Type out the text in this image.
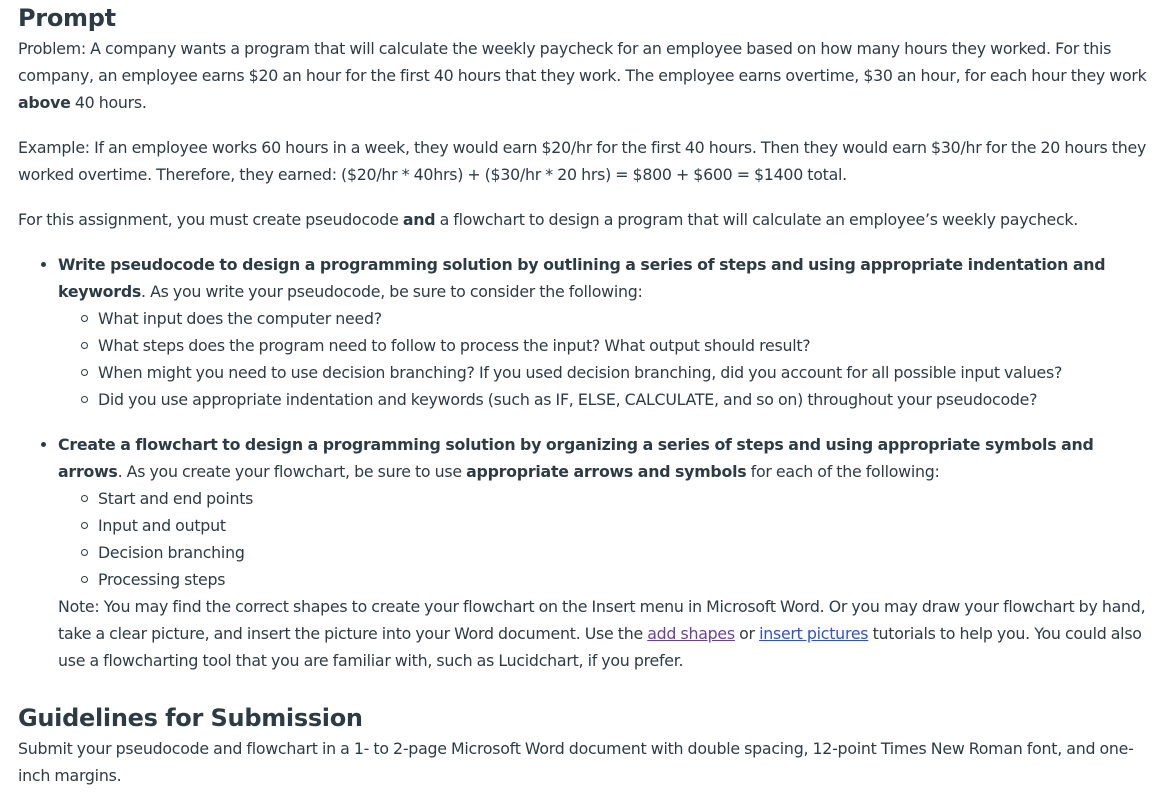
Prompt

Problem: A company wants a program that will calculate the weekly paycheck for an employee based on how many hours they worked. For this company, an employee earns $20 an hour for the first 40 hours that they work. The employee earns overtime, $30 an hour, for each hour they work above 40 hours.

Example: If an employee works 60 hours in a week, they would earn $20/hr for the first 40 hours. Then they would earn $30/hr for the 20 hours they worked overtime. Therefore, they earned: ($20/hr * 40hrs) + ($30/hr * 20 hrs) = $800 + $600 = $1400 total.

For this assignment, you must create pseudocode and a flowchart to design a program that will calculate an employee’s weekly paycheck.

Write pseudocode to design a programming solution by outlining a series of steps and using appropriate indentation and keywords. As you write your pseudocode, be sure to consider the following:
What input does the computer need?
What steps does the program need to follow to process the input? What output should result?
When might you need to use decision branching? If you used decision branching, did you account for all possible input values?
Did you use appropriate indentation and keywords (such as IF, ELSE, CALCULATE, and so on) throughout your pseudocode?
Create a flowchart to design a programming solution by organizing a series of steps and using appropriate symbols and arrows. As you create your flowchart, be sure to use appropriate arrows and symbols for each of the following:
Start and end points
Input and output
Decision branching
Processing steps

Note: You may find the correct shapes to create your flowchart on the Insert menu in Microsoft Word. Or you may draw your flowchart by hand, take a clear picture, and insert the picture into your Word document. Use the add shapes or insert pictures tutorials to help you. You could also use a flowcharting tool that you are familiar with, such as Lucidchart, if you prefer.

Guidelines for Submission

Submit your pseudocode and flowchart in a 1- to 2-page Microsoft Word document with double spacing, 12-point Times New Roman font, and one-inch margins.
